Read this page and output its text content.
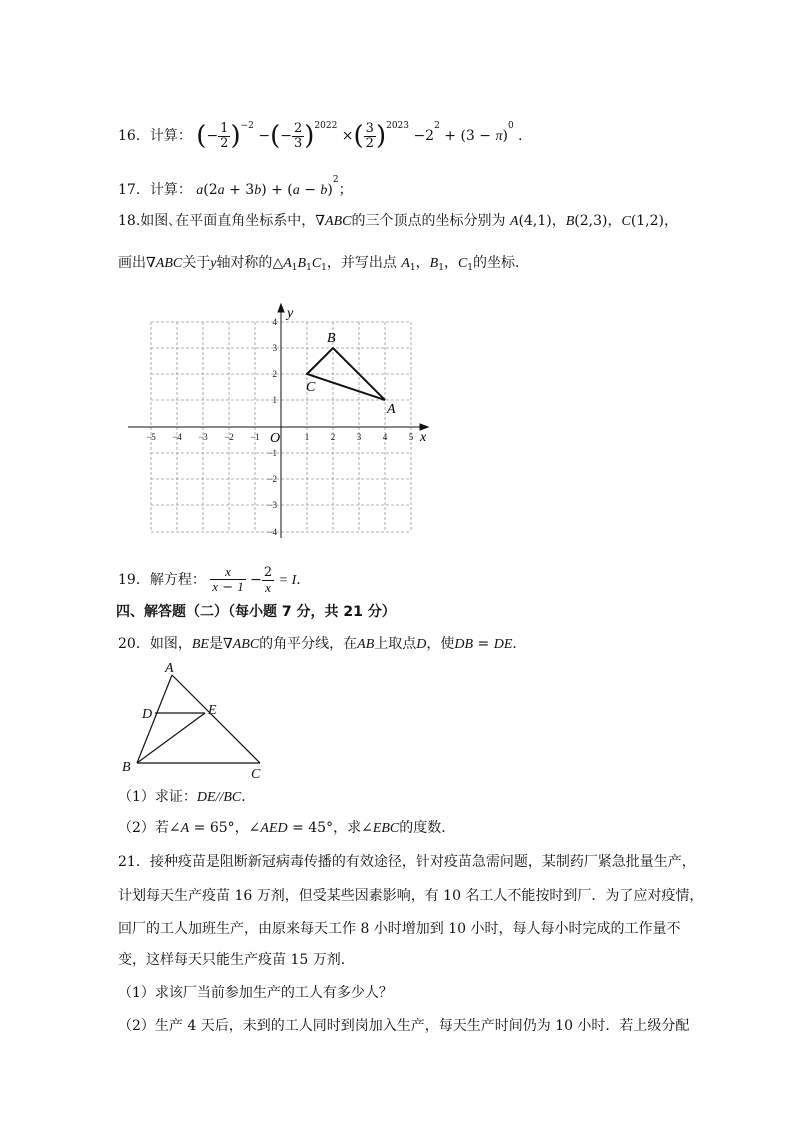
16．计算： (− $\frac{1}{2} )^{-2}$ −(− $\frac{2}{3} )^{2022}$ ×( $\frac{3}{2} )^{2023} -2^2 + (3 - \pi)^0$ ．
17．计算： $a(2a + 3b) + (a - b)^2$；
18.如图､在平面直角坐标系中，∇ABC的三个顶点的坐标分别为 A(4,1)，B(2,3)，C(1,2)，
画出∇ABC关于y轴对称的$\triangle A_1B_1C_1$，并写出点 $A_1$，$B_1$，$C_1$的坐标．
−5 −4 −3 −2 −1	1 2 3 4 5
4
3
2
1
−1
−2
−3
−4
x
y
O
A
B
C
19．解方程： $\frac{x}{x - 1} - \frac{2}{x} = I$.
四、解答题（二）（每小题 7 分，共 21 分）
20．如图，BE是∇ABC的角平分线，在AB上取点D，使DB = DE．
A
D	E
B	C
（1）求证：DE//BC．
（2）若∠A = 65°，∠AED = 45°，求∠EBC的度数．
21．接种疫苗是阻断新冠病毒传播的有效途径，针对疫苗急需问题，某制药厂紧急批量生产，
计划每天生产疫苗 16 万剂，但受某些因素影响，有 10 名工人不能按时到厂．为了应对疫情，
回厂的工人加班生产，由原来每天工作 8 小时增加到 10 小时，每人每小时完成的工作量不
变，这样每天只能生产疫苗 15 万剂．
（1）求该厂当前参加生产的工人有多少人？
（2）生产 4 天后，未到的工人同时到岗加入生产，每天生产时间仍为 10 小时．若上级分配
